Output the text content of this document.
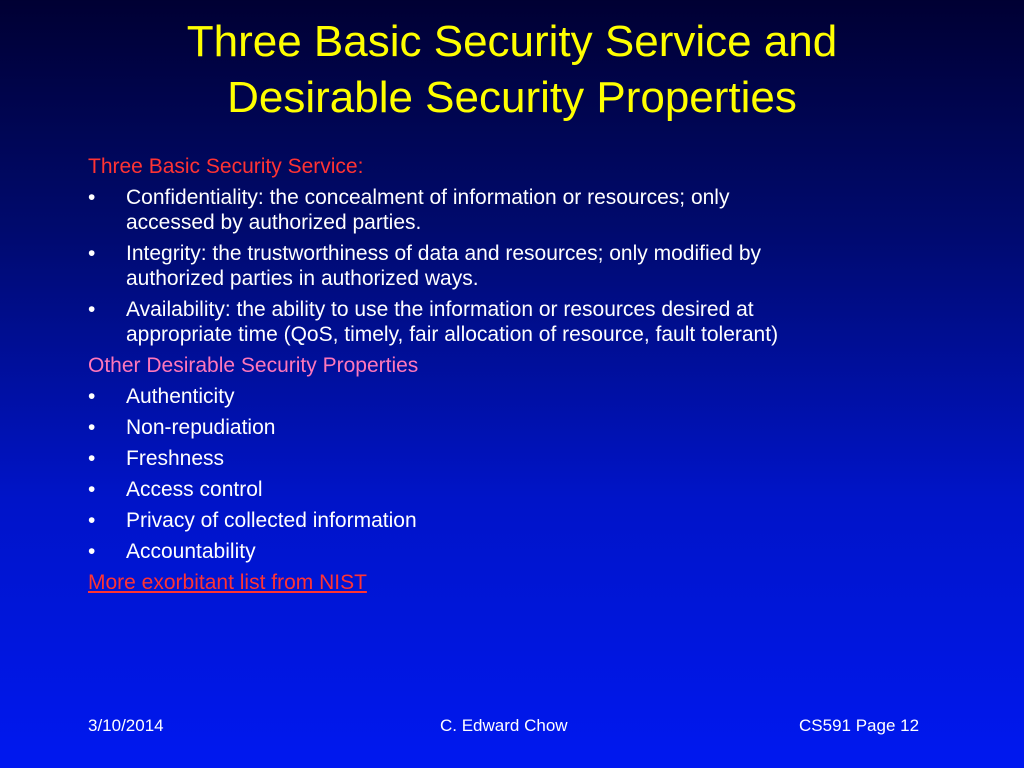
Three Basic Security Service and
Desirable Security Properties
Three Basic Security Service:
• Confidentiality: the concealment of information or resources; only
accessed by authorized parties.
• Integrity: the trustworthiness of data and resources; only modified by
authorized parties in authorized ways.
• Availability: the ability to use the information or resources desired at
appropriate time (QoS, timely, fair allocation of resource, fault tolerant)
Other Desirable Security Properties
• Authenticity
• Non-repudiation
• Freshness
• Access control
• Privacy of collected information
• Accountability
More exorbitant list from NIST
3/10/2014	C. Edward Chow	CS591 Page 12
